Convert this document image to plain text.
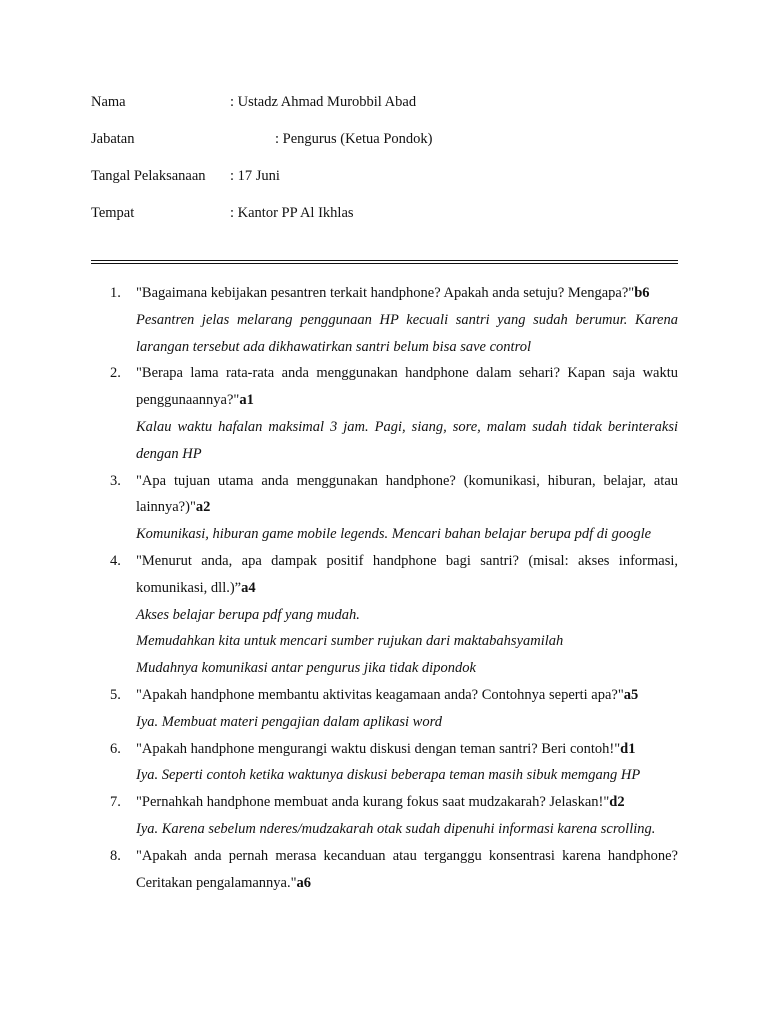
Nama	: Ustadz Ahmad Murobbil Abad
Jabatan	: Pengurus (Ketua Pondok)
Tangal Pelaksanaan : 17 Juni
Tempat	: Kantor PP Al Ikhlas
1. "Bagaimana kebijakan pesantren terkait handphone? Apakah anda setuju? Mengapa?"b6
Pesantren jelas melarang penggunaan HP kecuali santri yang sudah berumur. Karena larangan tersebut ada dikhawatirkan santri belum bisa save control
2. "Berapa lama rata-rata anda menggunakan handphone dalam sehari? Kapan saja waktu penggunaannya?"a1
Kalau waktu hafalan maksimal 3 jam. Pagi, siang, sore, malam sudah tidak berinteraksi dengan HP
3. "Apa tujuan utama anda menggunakan handphone? (komunikasi, hiburan, belajar, atau lainnya?)"a2
Komunikasi, hiburan game mobile legends. Mencari bahan belajar berupa pdf di google
4. "Menurut anda, apa dampak positif handphone bagi santri? (misal: akses informasi, komunikasi, dll.)”a4
Akses belajar berupa pdf yang mudah.
Memudahkan kita untuk mencari sumber rujukan dari maktabahsyamilah
Mudahnya komunikasi antar pengurus jika tidak dipondok
5. "Apakah handphone membantu aktivitas keagamaan anda? Contohnya seperti apa?"a5
Iya. Membuat materi pengajian dalam aplikasi word
6. "Apakah handphone mengurangi waktu diskusi dengan teman santri? Beri contoh!"d1
Iya. Seperti contoh ketika waktunya diskusi beberapa teman masih sibuk memgang HP
7. "Pernahkah handphone membuat anda kurang fokus saat mudzakarah? Jelaskan!"d2
Iya. Karena sebelum nderes/mudzakarah otak sudah dipenuhi informasi karena scrolling.
8. "Apakah anda pernah merasa kecanduan atau terganggu konsentrasi karena handphone? Ceritakan pengalamannya."a6
